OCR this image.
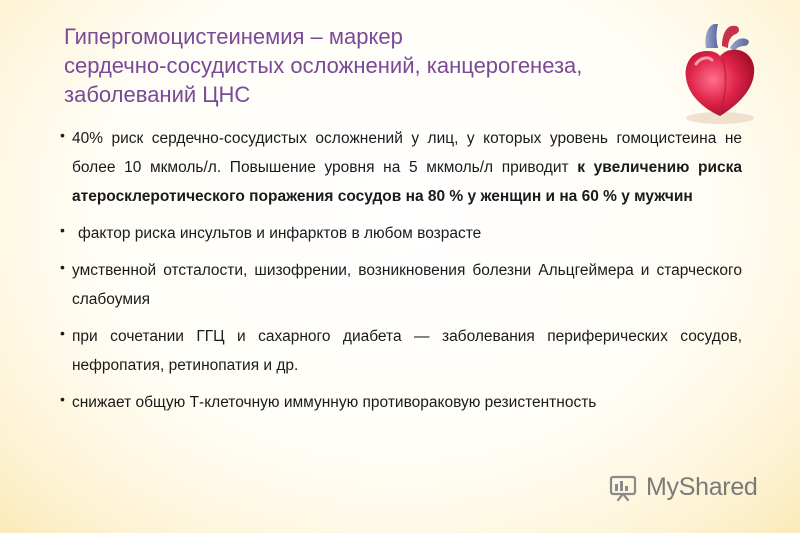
Гипергомоцистеинемия – маркер
сердечно-сосудистых осложнений, канцерогенеза,
заболеваний ЦНС
• 40% риск сердечно-сосудистых осложнений у лиц, у которых уровень гомоцистеина не более 10 мкмоль/л. Повышение уровня на 5 мкмоль/л приводит к увеличению риска атеросклеротического поражения сосудов на 80 % у женщин и на 60 % у мужчин
• фактор риска инсультов и инфарктов в любом возрасте
• умственной отсталости, шизофрении, возникновения болезни Альцгеймера и старческого слабоумия
• при сочетании ГГЦ и сахарного диабета — заболевания периферических сосудов, нефропатия, ретинопатия и др.
• снижает общую Т-клеточную иммунную противораковую резистентность
MyShared
